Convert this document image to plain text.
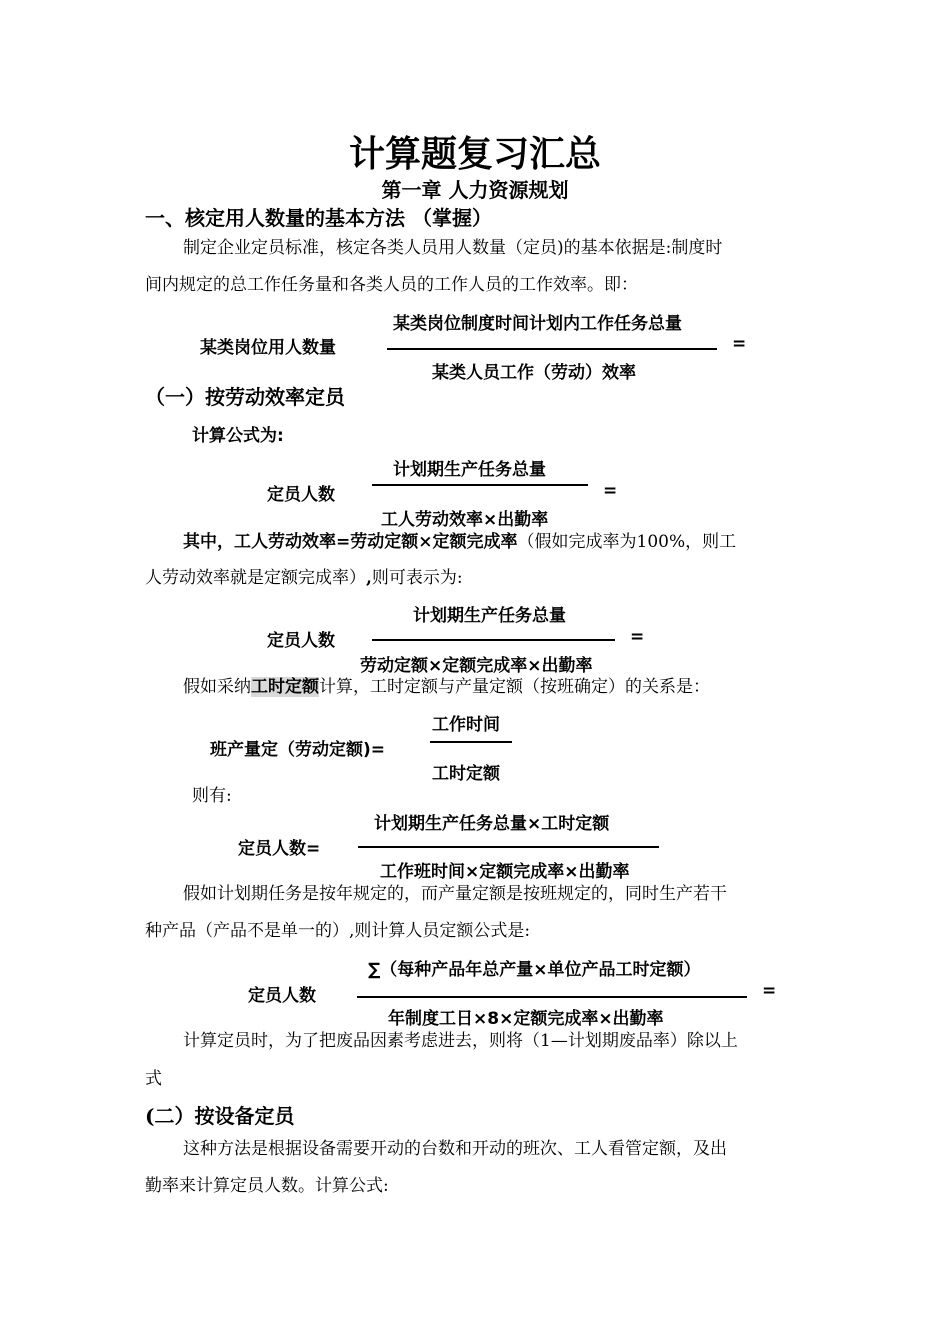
计算题复习汇总
第一章 人力资源规划
一、核定用人数量的基本方法 （掌握）
制定企业定员标准，核定各类人员用人数量（定员)的基本依据是:制度时
间内规定的总工作任务量和各类人员的工作人员的工作效率。即：
某类岗位用人数量
某类岗位制度时间计划内工作任务总量
某类人员工作（劳动）效率
=
（一）按劳动效率定员
计算公式为:
定员人数
计划期生产任务总量
工人劳动效率×出勤率
=
其中，工人劳动效率=劳动定额×定额完成率（假如完成率为100%，则工
人劳动效率就是定额完成率）,则可表示为:
定员人数
计划期生产任务总量
劳动定额×定额完成率×出勤率
=
假如采纳工时定额计算，工时定额与产量定额（按班确定）的关系是：
班产量定（劳动定额)=
工作时间
工时定额
则有:
定员人数=
计划期生产任务总量×工时定额
工作班时间×定额完成率×出勤率
假如计划期任务是按年规定的，而产量定额是按班规定的，同时生产若干
种产品（产品不是单一的）,则计算人员定额公式是:
定员人数
∑（每种产品年总产量×单位产品工时定额）
年制度工日×8×定额完成率×出勤率
=
计算定员时，为了把废品因素考虑进去，则将（1—计划期废品率）除以上
式
(二）按设备定员
这种方法是根据设备需要开动的台数和开动的班次、工人看管定额，及出
勤率来计算定员人数。计算公式:
